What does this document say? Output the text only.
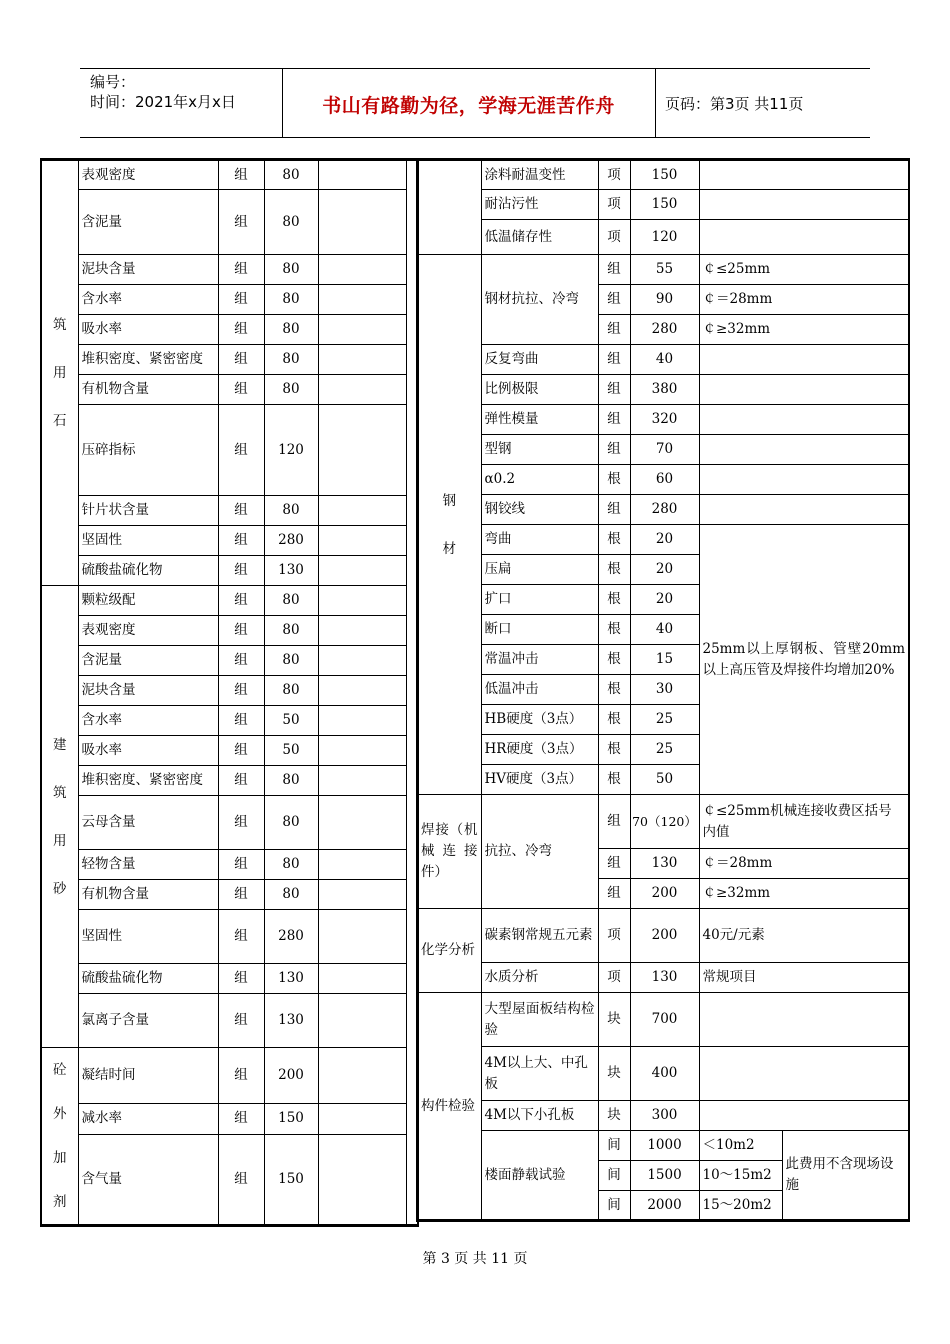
编号：
时间：2021年x月x日	书山有路勤为径，学海无涯苦作舟	页码：第3页 共11页
筑用石	表观密度	组	80		
	含泥量	组	80		
	泥块含量	组	80		
	含水率	组	80		
	吸水率	组	80		
	堆积密度、紧密密度	组	80		
	有机物含量	组	80		
	压碎指标	组	120		
	针片状含量	组	80		
	坚固性	组	280		
	硫酸盐硫化物	组	130		
建筑用砂	颗粒级配	组	80		
	表观密度	组	80		
	含泥量	组	80		
	泥块含量	组	80		
	含水率	组	50		
	吸水率	组	50		
	堆积密度、紧密密度	组	80		
	云母含量	组	80		
	轻物含量	组	80		
	有机物含量	组	80		
	坚固性	组	280		
	硫酸盐硫化物	组	130		
	氯离子含量	组	130		
砼外加剂	凝结时间	组	200		
	减水率	组	150		
	含气量	组	150		
	涂料耐温变性	项	150		
	耐沾污性	项	150		
	低温储存性	项	120		
钢材	钢材抗拉、冷弯	组	55	￠≤25mm	
		组	90	￠＝28mm	
		组	280	￠≥32mm	
	反复弯曲	组	40		
	比例极限	组	380		
	弹性模量	组	320		
	型钢	组	70		
	α0.2	根	60		
	钢铰线	组	280		
	弯曲	根	20	25mm以上厚钢板、管壁20mm以上高压管及焊接件均增加20%	
	压扁	根	20		
	扩口	根	20		
	断口	根	40		
	常温冲击	根	15		
	低温冲击	根	30		
	HB硬度（3点）	根	25		
	HR硬度（3点）	根	25		
	HV硬度（3点）	根	50		
焊接（机械连接件）	抗拉、冷弯	组	70（120）	￠≤25mm机械连接收费区括号内值	
		组	130	￠＝28mm	
		组	200	￠≥32mm	
化学分析	碳素钢常规五元素	项	200	40元/元素	
	水质分析	项	130	常规项目	
构件检验	大型屋面板结构检验	块	700		
	4M以上大、中孔板	块	400		
	4M以下小孔板	块	300		
	楼面静载试验	间	1000	＜10m2	此费用不含现场设施
		间	1500	10～15m2	
		间	2000	15～20m2	
第 3 页 共 11 页
